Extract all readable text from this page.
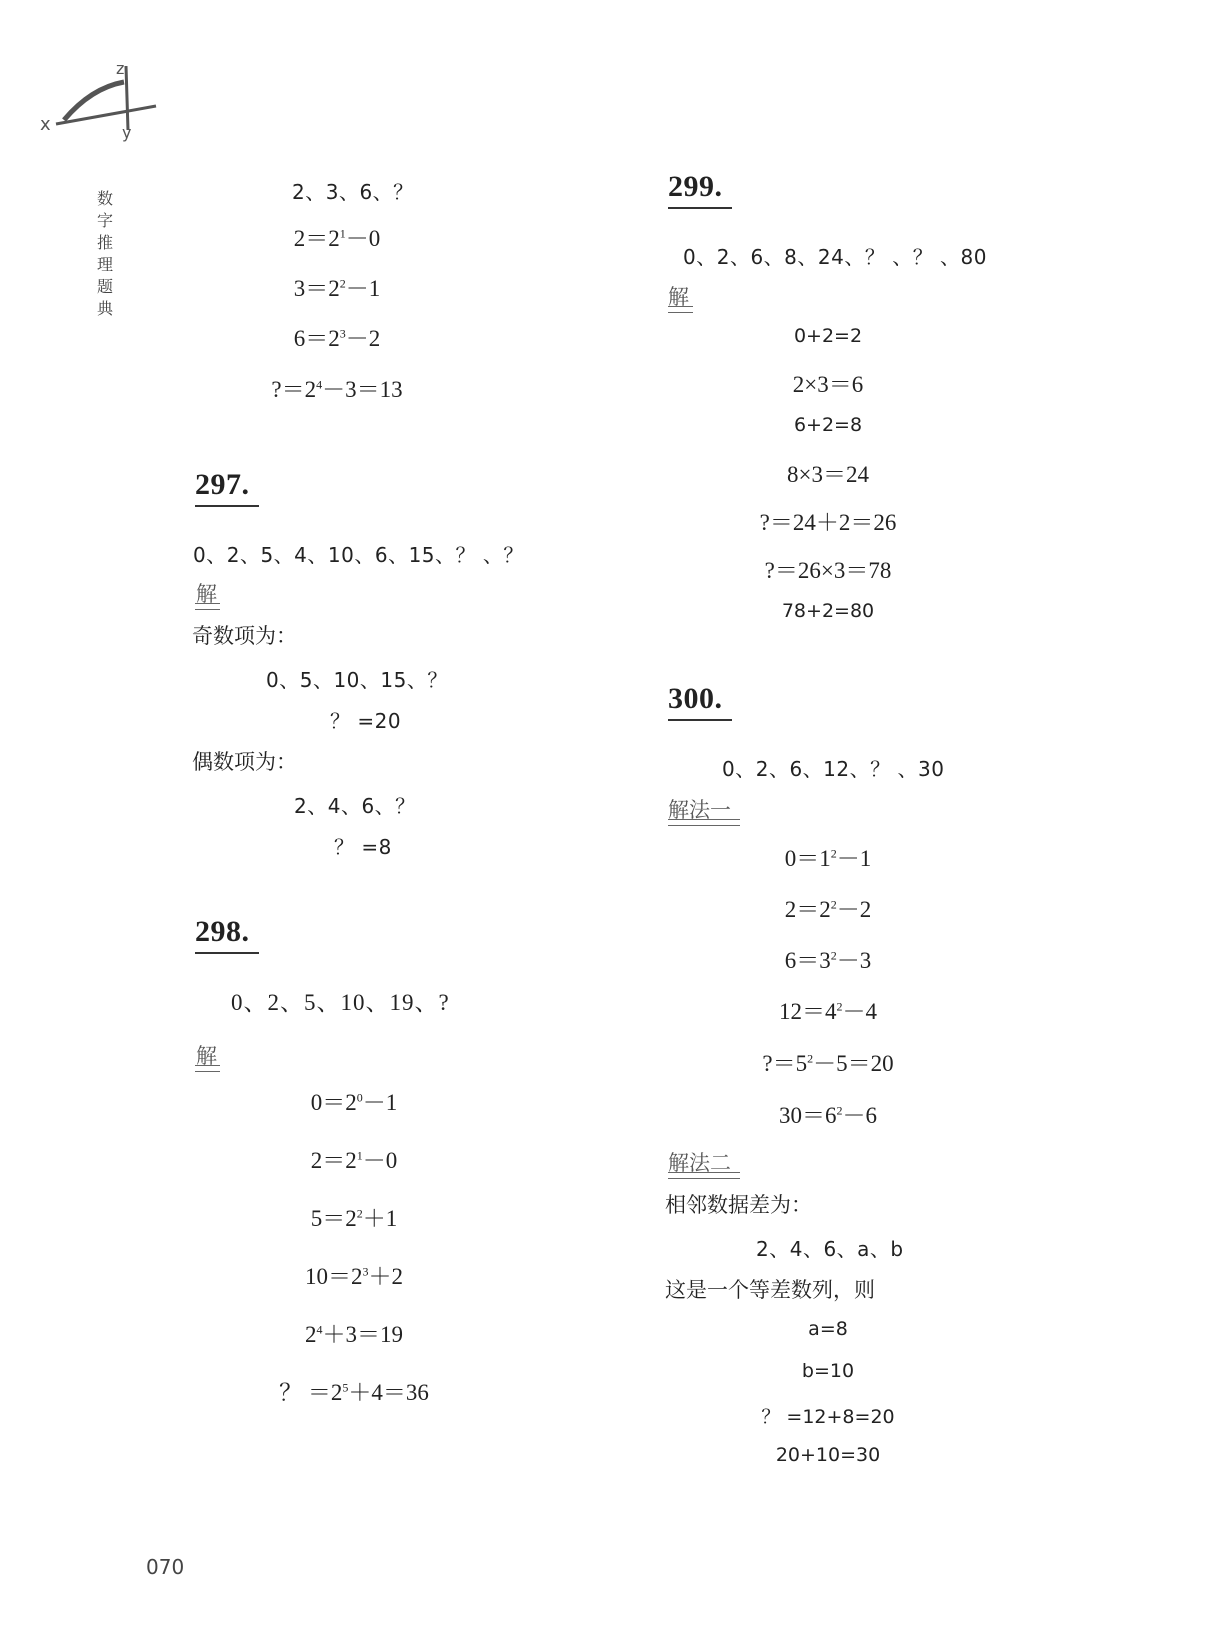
x
z
y
数字推理题典
2、3、6、？
$2=2^1-0$
$3=2^2-1$
$6=2^3-2$
$?=2^4-3=13$
297.
0、2、5、4、10、6、15、？ 、？
解
奇数项为：
0、5、10、15、？
？ =20
偶数项为：
2、4、6、？
？ =8
298.
0、2、5、10、19、?
解
$0=2^0-1$
$2=2^1-0$
$5=2^2+1$
$10=2^3+2$
$2^4+3=19$
？ $=2^5+4=36$
299.
0、2、6、8、24、？ 、？ 、80
解
0+2=2
2×3＝6
6+2=8
8×3＝24
?＝24＋2＝26
?＝26×3＝78
78+2=80
300.
0、2、6、12、？ 、30
解法一
$0=1^2-1$
$2=2^2-2$
$6=3^2-3$
$12=4^2-4$
$?=5^2-5=20$
$30=6^2-6$
解法二
相邻数据差为：
2、4、6、a、b
这是一个等差数列，则
a=8
b=10
？ =12+8=20
20+10=30
070
